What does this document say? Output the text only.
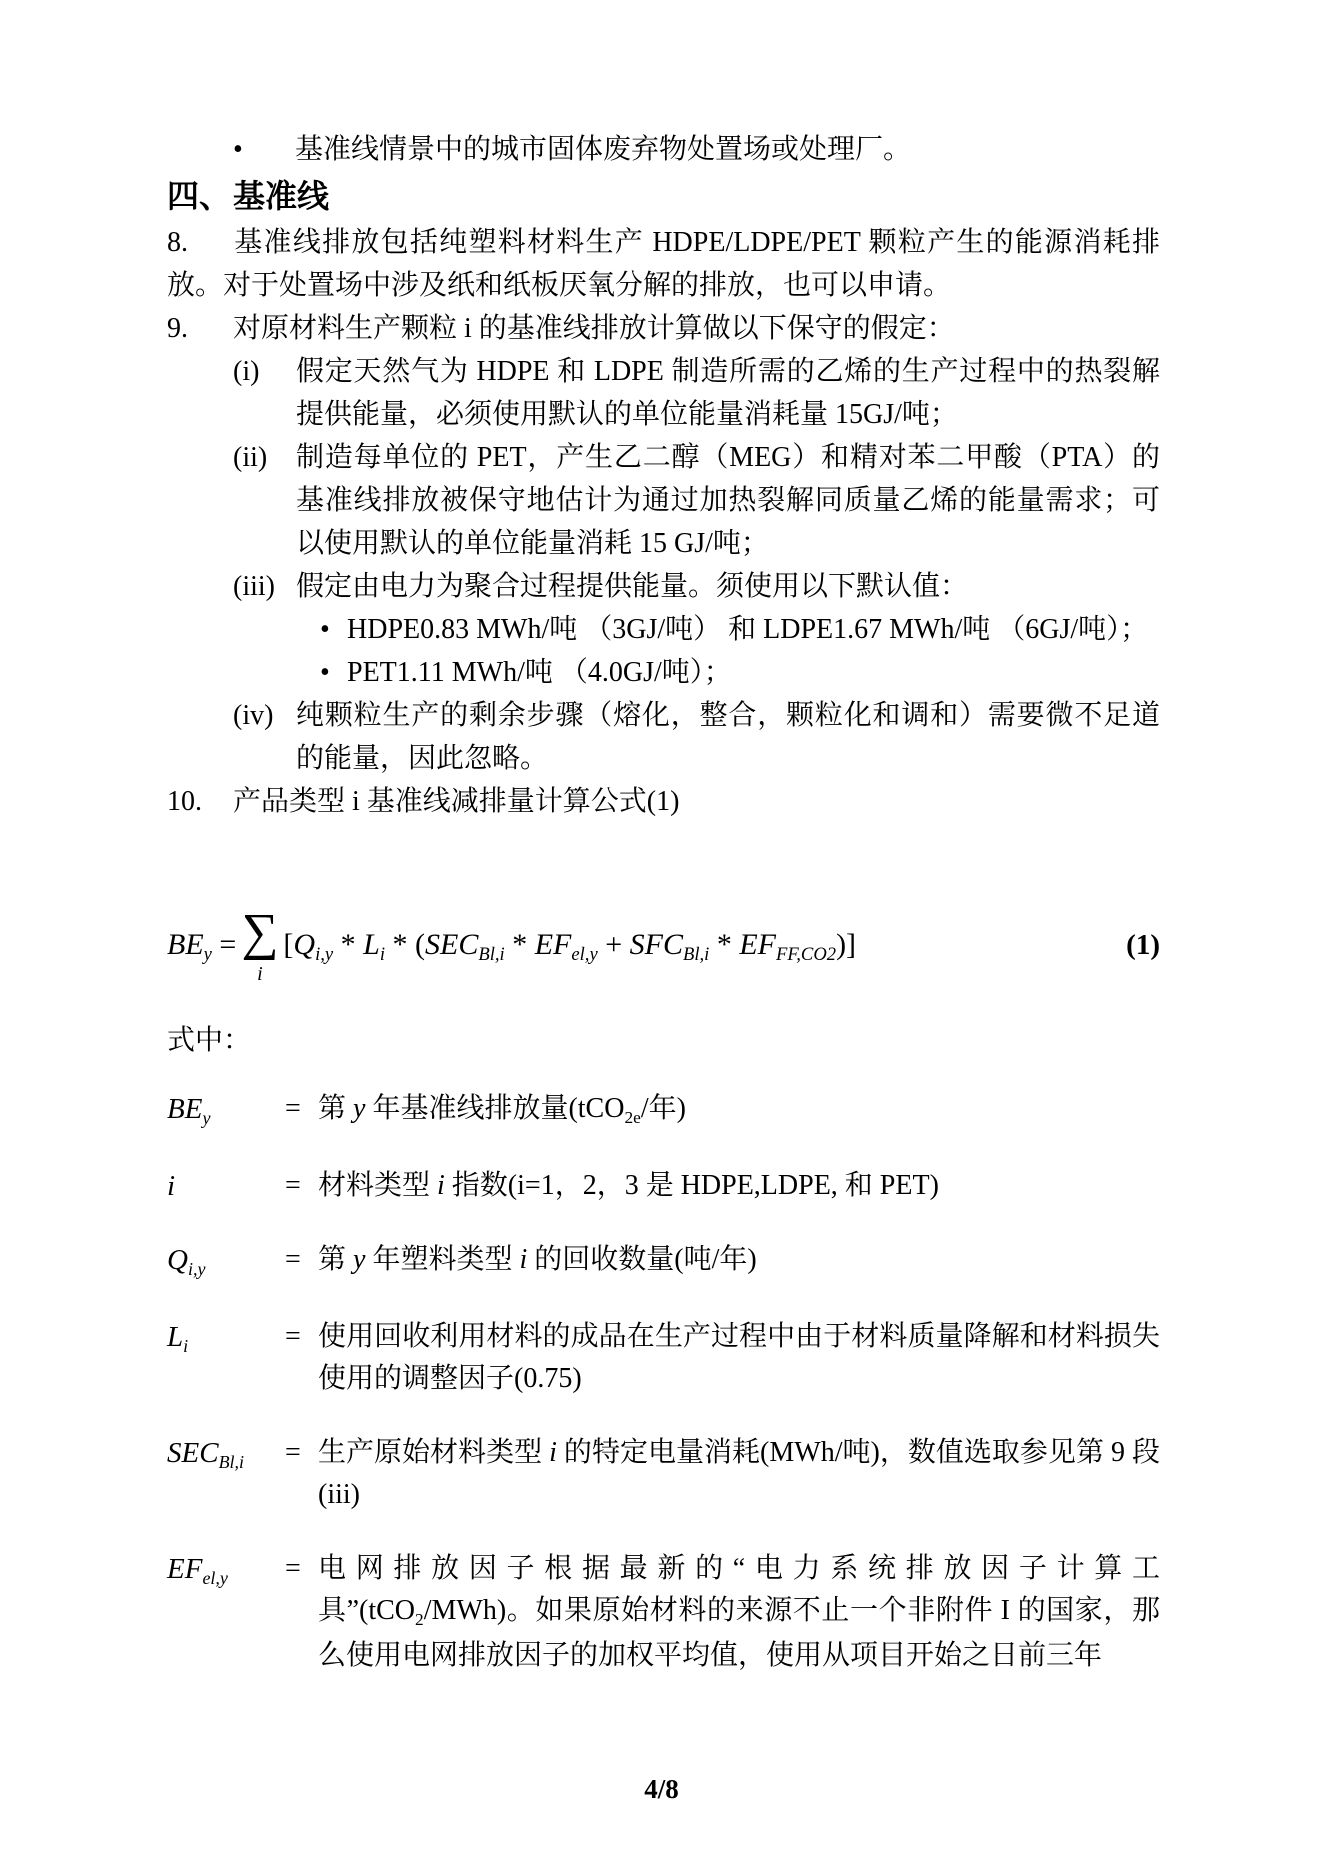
•	基准线情景中的城市固体废弃物处置场或处理厂。
四、基准线
8. 基准线排放包括纯塑料材料生产 HDPE/LDPE/PET 颗粒产生的能源消耗排放。对于处置场中涉及纸和纸板厌氧分解的排放，也可以申请。
9. 对原材料生产颗粒 i 的基准线排放计算做以下保守的假定：
(i)	假定天然气为 HDPE 和 LDPE 制造所需的乙烯的生产过程中的热裂解提供能量，必须使用默认的单位能量消耗量 15GJ/吨；
(ii)	制造每单位的 PET，产生乙二醇（MEG）和精对苯二甲酸（PTA）的基准线排放被保守地估计为通过加热裂解同质量乙烯的能量需求；可以使用默认的单位能量消耗 15 GJ/吨；
(iii) 假定由电力为聚合过程提供能量。须使用以下默认值：
• HDPE0.83 MWh/吨 （3GJ/吨） 和 LDPE1.67 MWh/吨 （6GJ/吨）；
• PET1.11 MWh/吨 （4.0GJ/吨）；
(iv) 纯颗粒生产的剩余步骤（熔化，整合，颗粒化和调和）需要微不足道的能量，因此忽略。
10. 产品类型 i 基准线减排量计算公式(1)
$BE_y$ = ∑
i
$[Q_{i,y} * L_i * (SEC_{Bl,i} * EF_{el,y} + SFC_{Bl,i} * EF_{FF,CO2})]$	(1)
式中：
$BE_y$	= 第 y 年基准线排放量(tCO$_{2e}$/年)
i	= 材料类型 i 指数(i=1，2，3 是 HDPE,LDPE, 和 PET)
$Q_{i,y}$	= 第 y 年塑料类型 i 的回收数量(吨/年)
$L_i$	= 使用回收利用材料的成品在生产过程中由于材料质量降解和材料损失使用的调整因子(0.75)
$SEC_{Bl,i}$	= 生产原始材料类型 i 的特定电量消耗(MWh/吨)，数值选取参见第 9 段(iii)
$EF_{el,y}$	= 电网排放因子根据最新的“电力系统排放因子计算工具”(tCO$_2$/MWh)。如果原始材料的来源不止一个非附件 I 的国家，那么使用电网排放因子的加权平均值，使用从项目开始之日前三年
4/8
